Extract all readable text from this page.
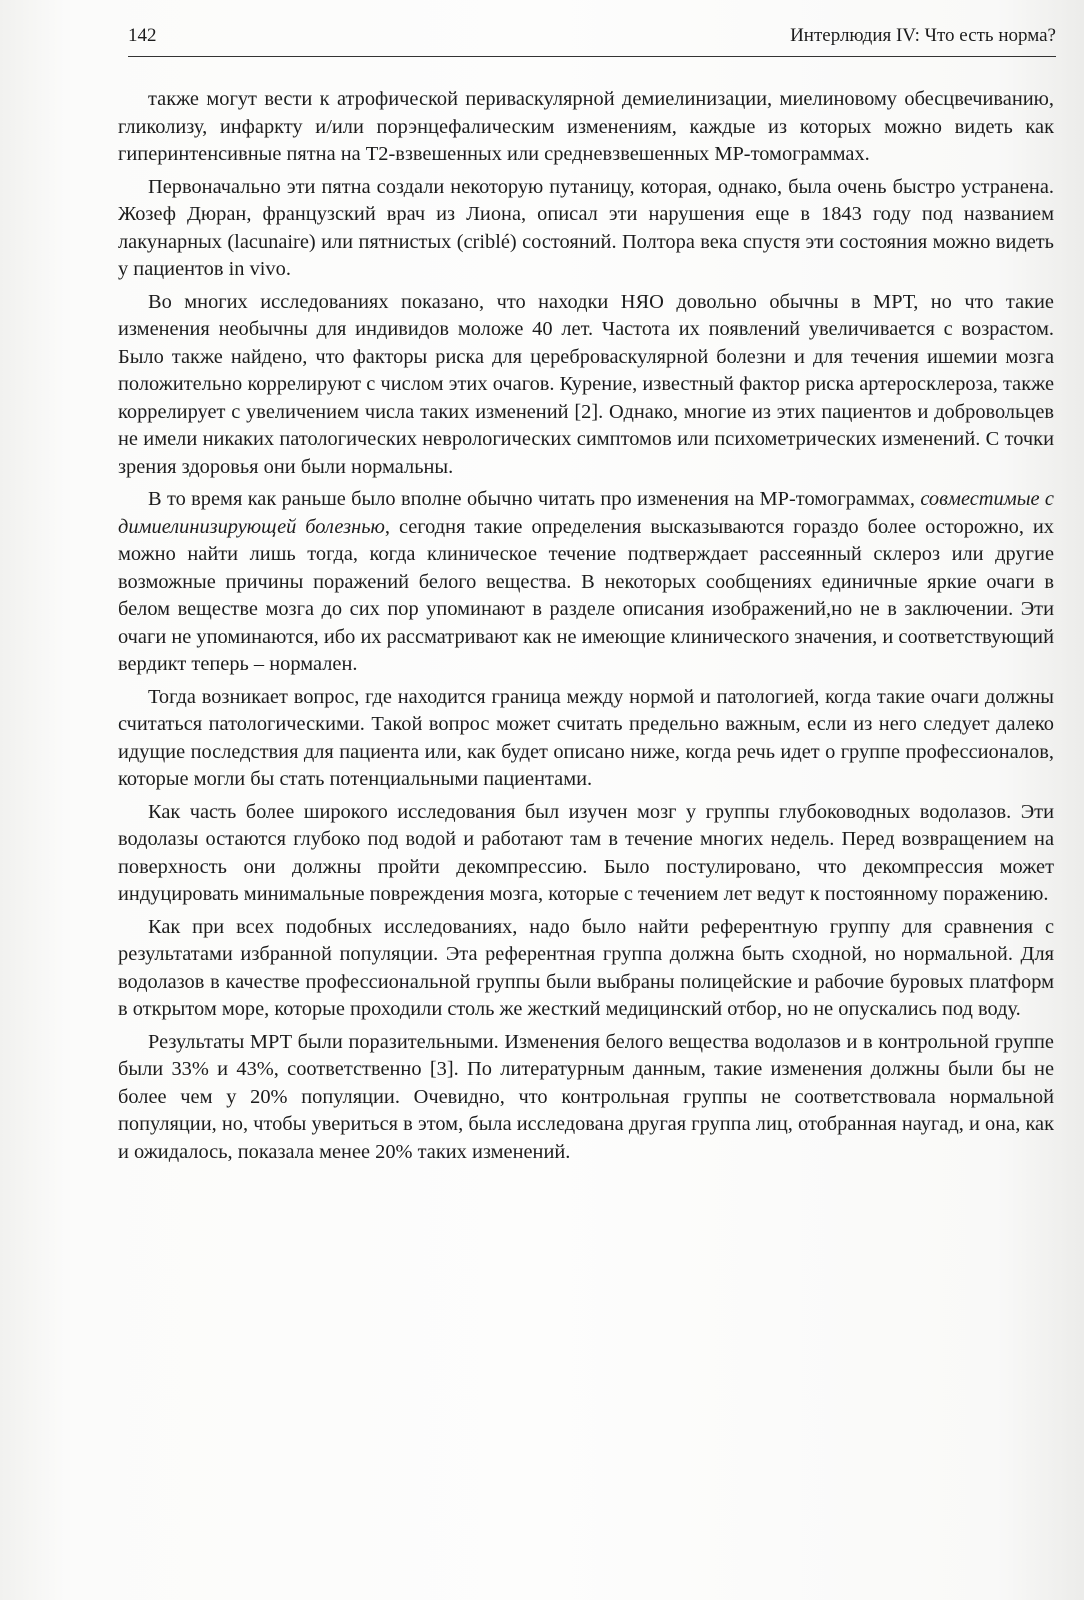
142	Интерлюдия IV: Что есть норма?

также могут вести к атрофической периваскулярной демиелинизации, миелиновому обесцвечиванию, гликолизу, инфаркту и/или порэнцефалическим изменениям, каждые из которых можно видеть как гиперинтенсивные пятна на T2-взвешенных или средневзвешенных МР-томограммах.

Первоначально эти пятна создали некоторую путаницу, которая, однако, была очень быстро устранена. Жозеф Дюран, французский врач из Лиона, описал эти нарушения еще в 1843 году под названием лакунарных (lacunaire) или пятнистых (criblé) состояний. Полтора века спустя эти состояния можно видеть у пациентов in vivo.

Во многих исследованиях показано, что находки НЯО довольно обычны в МРТ, но что такие изменения необычны для индивидов моложе 40 лет. Частота их появлений увеличивается с возрастом. Было также найдено, что факторы риска для цереброваскулярной болезни и для течения ишемии мозга положительно коррелируют с числом этих очагов. Курение, известный фактор риска артеросклероза, также коррелирует с увеличением числа таких изменений [2]. Однако, многие из этих пациентов и добровольцев не имели никаких патологических неврологических симптомов или психометрических изменений. С точки зрения здоровья они были нормальны.

В то время как раньше было вполне обычно читать про изменения на МР-томограммах, совместимые с димиелинизирующей болезнью, сегодня такие определения высказываются гораздо более осторожно, их можно найти лишь тогда, когда клиническое течение подтверждает рассеянный склероз или другие возможные причины поражений белого вещества. В некоторых сообщениях единичные яркие очаги в белом веществе мозга до сих пор упоминают в разделе описания изображений,но не в заключении. Эти очаги не упоминаются, ибо их рассматривают как не имеющие клинического значения, и соответствующий вердикт теперь – нормален.

Тогда возникает вопрос, где находится граница между нормой и патологией, когда такие очаги должны считаться патологическими. Такой вопрос может считать предельно важным, если из него следует далеко идущие последствия для пациента или, как будет описано ниже, когда речь идет о группе профессионалов, которые могли бы стать потенциальными пациентами.

Как часть более широкого исследования был изучен мозг у группы глубоководных водолазов. Эти водолазы остаются глубоко под водой и работают там в течение многих недель. Перед возвращением на поверхность они должны пройти декомпрессию. Было постулировано, что декомпрессия может индуцировать минимальные повреждения мозга, которые с течением лет ведут к постоянному поражению.

Как при всех подобных исследованиях, надо было найти референтную группу для сравнения с результатами избранной популяции. Эта референтная группа должна быть сходной, но нормальной. Для водолазов в качестве профессиональной группы были выбраны полицейские и рабочие буровых платформ в открытом море, которые проходили столь же жесткий медицинский отбор, но не опускались под воду.

Результаты МРТ были поразительными. Изменения белого вещества водолазов и в контрольной группе были 33% и 43%, соответственно [3]. По литературным данным, такие изменения должны были бы не более чем у 20% популяции. Очевидно, что контрольная группы не соответствовала нормальной популяции, но, чтобы увериться в этом, была исследована другая группа лиц, отобранная наугад, и она, как и ожидалось, показала менее 20% таких изменений.
